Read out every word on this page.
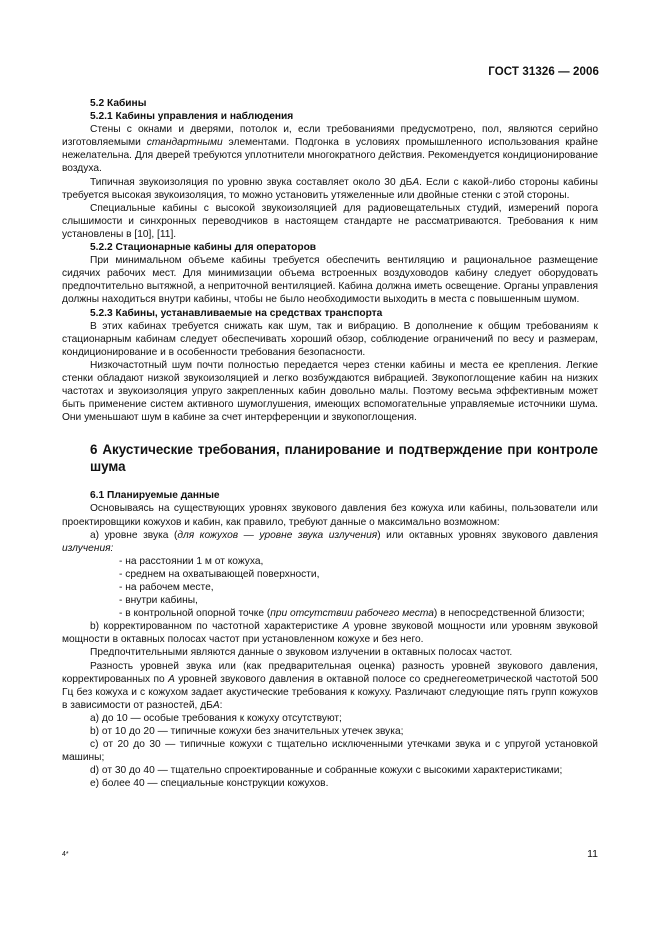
ГОСТ 31326 — 2006

5.2 Кабины

5.2.1 Кабины управления и наблюдения

Стены с окнами и дверями, потолок и, если требованиями предусмотрено, пол, являются серийно изготовляемыми стандартными элементами. Подгонка в условиях промышленного использования крайне нежелательна. Для дверей требуются уплотнители многократного действия. Рекомендуется кондиционирование воздуха.

Типичная звукоизоляция по уровню звука составляет около 30 дБА. Если с какой-либо стороны кабины требуется высокая звукоизоляция, то можно установить утяжеленные или двойные стенки с этой стороны.

Специальные кабины с высокой звукоизоляцией для радиовещательных студий, измерений порога слышимости и синхронных переводчиков в настоящем стандарте не рассматриваются. Требования к ним установлены в [10], [11].

5.2.2 Стационарные кабины для операторов

При минимальном объеме кабины требуется обеспечить вентиляцию и рациональное размещение сидячих рабочих мест. Для минимизации объема встроенных воздуховодов кабину следует оборудовать предпочтительно вытяжной, а неприточной вентиляцией. Кабина должна иметь освещение. Органы управления должны находиться внутри кабины, чтобы не было необходимости выходить в места с повышенным шумом.

5.2.3 Кабины, устанавливаемые на средствах транспорта

В этих кабинах требуется снижать как шум, так и вибрацию. В дополнение к общим требованиям к стационарным кабинам следует обеспечивать хороший обзор, соблюдение ограничений по весу и размерам, кондиционирование и в особенности требования безопасности.

Низкочастотный шум почти полностью передается через стенки кабины и места ее крепления. Легкие стенки обладают низкой звукоизоляцией и легко возбуждаются вибрацией. Звукопоглощение кабин на низких частотах и звукоизоляция упруго закрепленных кабин довольно малы. Поэтому весьма эффективным может быть применение систем активного шумоглушения, имеющих вспомогательные управляемые источники шума. Они уменьшают шум в кабине за счет интерференции и звукопоглощения.

6 Акустические требования, планирование и подтверждение при контроле шума

6.1 Планируемые данные

Основываясь на существующих уровнях звукового давления без кожуха или кабины, пользователи или проектировщики кожухов и кабин, как правило, требуют данные о максимально возможном:

а) уровне звука (для кожухов — уровне звука излучения) или октавных уровнях звукового давления излучения:

- на расстоянии 1 м от кожуха,

- среднем на охватывающей поверхности,

- на рабочем месте,

- внутри кабины,

- в контрольной опорной точке (при отсутствии рабочего места) в непосредственной близости;

b) корректированном по частотной характеристике А уровне звуковой мощности или уровням звуковой мощности в октавных полосах частот при установленном кожухе и без него.

Предпочтительными являются данные о звуковом излучении в октавных полосах частот.

Разность уровней звука или (как предварительная оценка) разность уровней звукового давления, корректированных по А уровней звукового давления в октавной полосе со среднегеометрической частотой 500 Гц без кожуха и с кожухом задает акустические требования к кожуху. Различают следующие пять групп кожухов в зависимости от разностей, дБА:

а) до 10 — особые требования к кожуху отсутствуют;

b) от 10 до 20 — типичные кожухи без значительных утечек звука;

с) от 20 до 30 — типичные кожухи с тщательно исключенными утечками звука и с упругой установкой машины;

d) от 30 до 40 — тщательно спроектированные и собранные кожухи с высокими характеристиками;

е) более 40 — специальные конструкции кожухов.

4*	11
